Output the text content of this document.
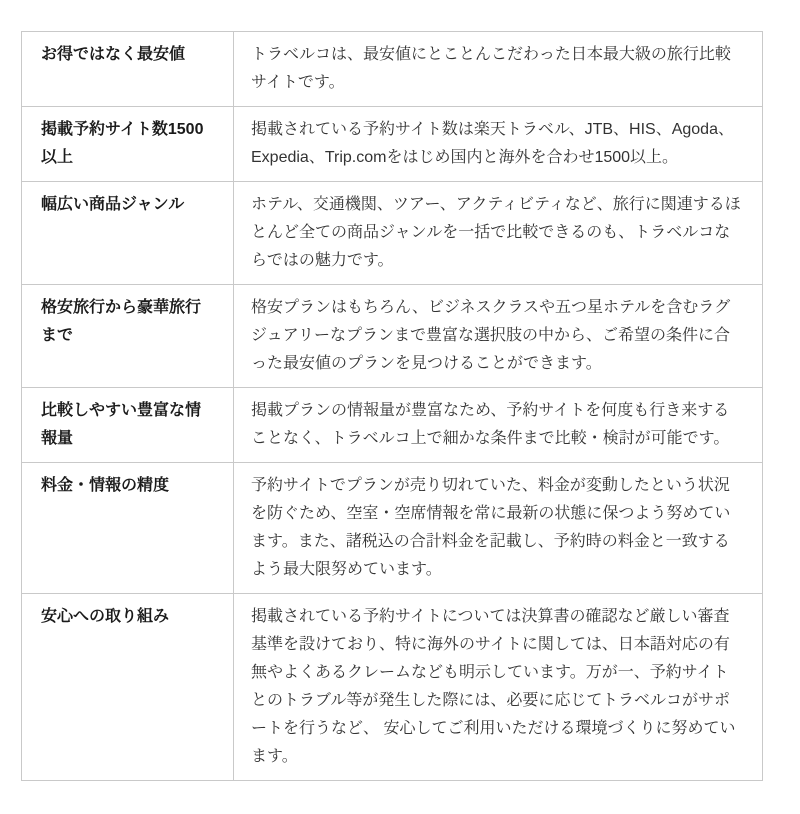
お得ではなく最安値	トラベルコは、最安値にとことんこだわった日本最大級の旅行比較サイトです。
掲載予約サイト数1500以上	掲載されている予約サイト数は楽天トラベル、JTB、HIS、Agoda、Expedia、Trip.comをはじめ国内と海外を合わせ1500以上。
幅広い商品ジャンル	ホテル、交通機関、ツアー、アクティビティなど、旅行に関連するほとんど全ての商品ジャンルを一括で比較できるのも、トラベルコならではの魅力です。
格安旅行から豪華旅行まで	格安プランはもちろん、ビジネスクラスや五つ星ホテルを含むラグジュアリーなプランまで豊富な選択肢の中から、ご希望の条件に合った最安値のプランを見つけることができます。
比較しやすい豊富な情報量	掲載プランの情報量が豊富なため、予約サイトを何度も行き来することなく、トラベルコ上で細かな条件まで比較・検討が可能です。
料金・情報の精度	予約サイトでプランが売り切れていた、料金が変動したという状況を防ぐため、空室・空席情報を常に最新の状態に保つよう努めています。また、諸税込の合計料金を記載し、予約時の料金と一致するよう最大限努めています。
安心への取り組み	掲載されている予約サイトについては決算書の確認など厳しい審査基準を設けており、特に海外のサイトに関しては、日本語対応の有無やよくあるクレームなども明示しています。万が一、予約サイトとのトラブル等が発生した際には、必要に応じてトラベルコがサポートを行うなど、 安心してご利用いただける環境づくりに努めています。
